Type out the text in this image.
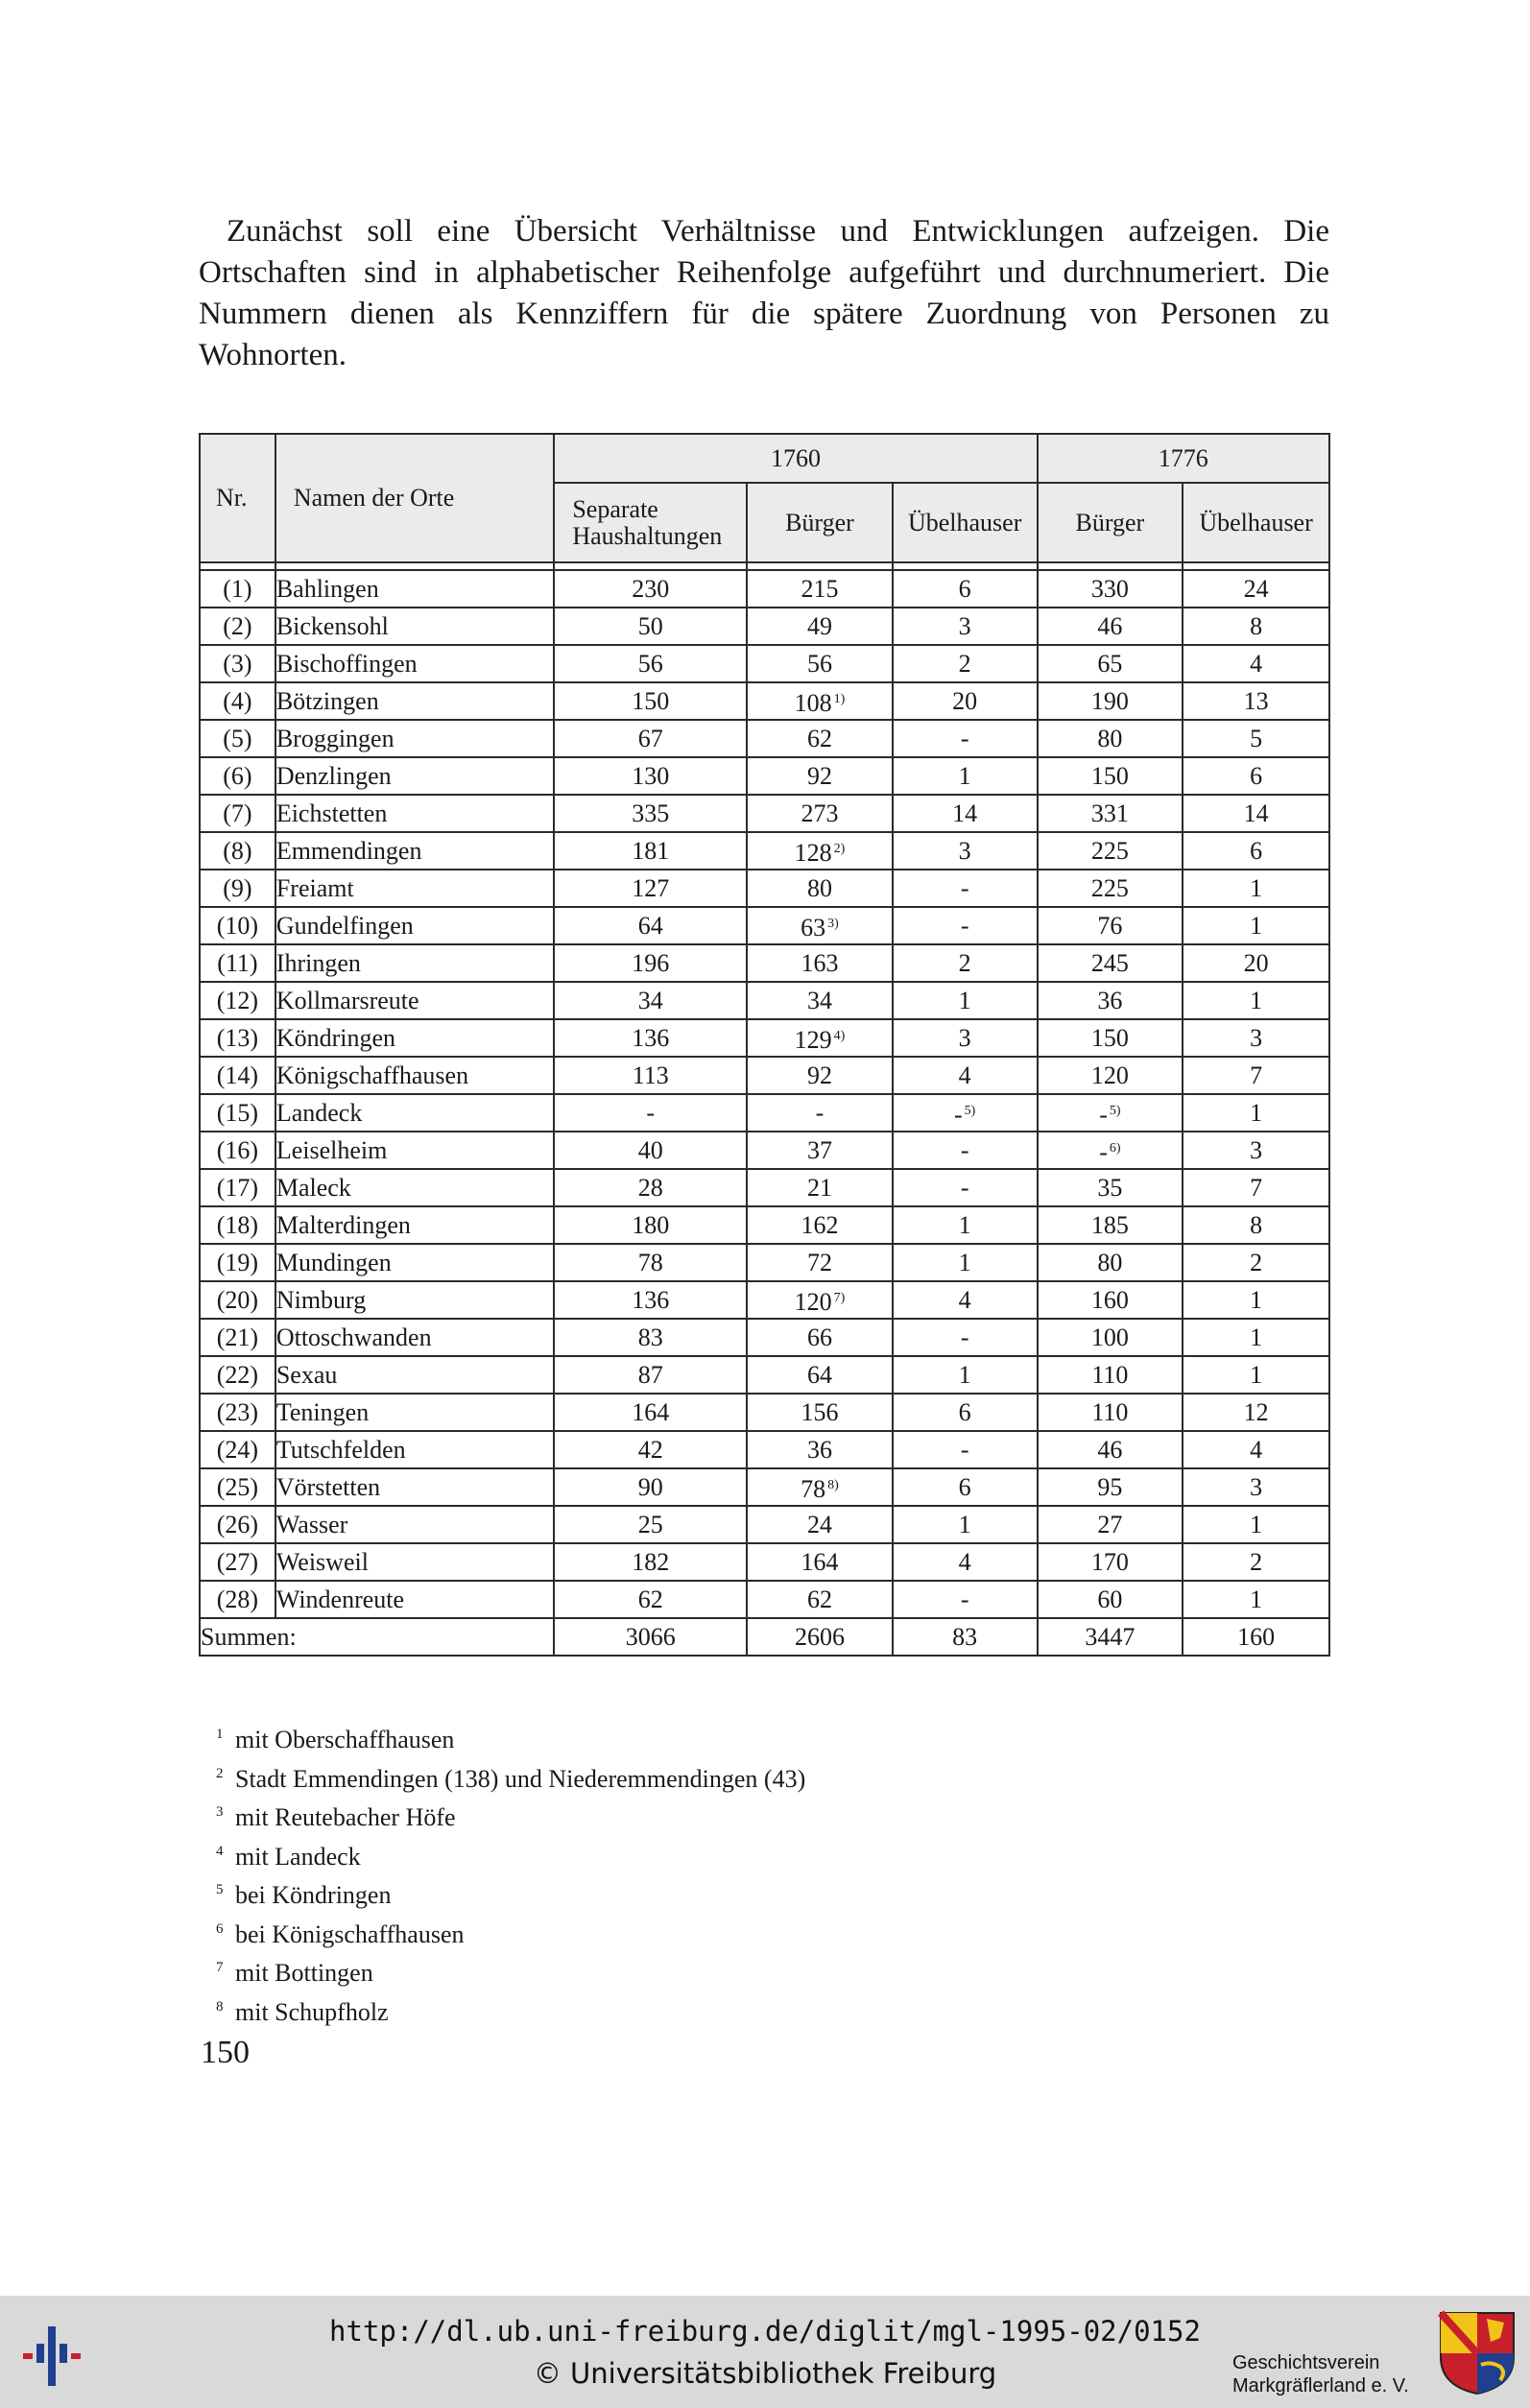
Zunächst soll eine Übersicht Verhältnisse und Entwicklungen aufzeigen. Die Ortschaften sind in alphabetischer Reihenfolge aufgeführt und durchnumeriert. Die Nummern dienen als Kennziffern für die spätere Zuordnung von Personen zu Wohnorten.

Nr.	Namen der Orte	1760			1776	
		Separate Haushaltungen	Bürger	Übelhauser	Bürger	Übelhauser

(1)	Bahlingen	230	215	6	330	24
(2)	Bickensohl	50	49	3	46	8
(3)	Bischoffingen	56	56	2	65	4
(4)	Bötzingen	150	108 $^{1)}$	20	190	13
(5)	Broggingen	67	62	-	80	5
(6)	Denzlingen	130	92	1	150	6
(7)	Eichstetten	335	273	14	331	14
(8)	Emmendingen	181	128 $^{2)}$	3	225	6
(9)	Freiamt	127	80	-	225	1
(10)	Gundelfingen	64	63 $^{3)}$	-	76	1
(11)	Ihringen	196	163	2	245	20
(12)	Kollmarsreute	34	34	1	36	1
(13)	Köndringen	136	129 $^{4)}$	3	150	3
(14)	Königschaffhausen	113	92	4	120	7
(15)	Landeck	-	-	- $^{5)}$	- $^{5)}$	1
(16)	Leiselheim	40	37	-	- $^{6)}$	3
(17)	Maleck	28	21	-	35	7
(18)	Malterdingen	180	162	1	185	8
(19)	Mundingen	78	72	1	80	2
(20)	Nimburg	136	120 $^{7)}$	4	160	1
(21)	Ottoschwanden	83	66	-	100	1
(22)	Sexau	87	64	1	110	1
(23)	Teningen	164	156	6	110	12
(24)	Tutschfelden	42	36	-	46	4
(25)	Vörstetten	90	78 $^{8)}$	6	95	3
(26)	Wasser	25	24	1	27	1
(27)	Weisweil	182	164	4	170	2
(28)	Windenreute	62	62	-	60	1
Summen:		3066	2606	83	3447	160
1 mit Oberschaffhausen
2 Stadt Emmendingen (138) und Niederemmendingen (43)
3 mit Reutebacher Höfe
4 mit Landeck
5 bei Köndringen
6 bei Königschaffhausen
7 mit Bottingen
8 mit Schupfholz
150
http://dl.ub.uni-freiburg.de/diglit/mgl-1995-02/0152
© Universitätsbibliothek Freiburg	Geschichtsverein
Markgräflerland e. V.
